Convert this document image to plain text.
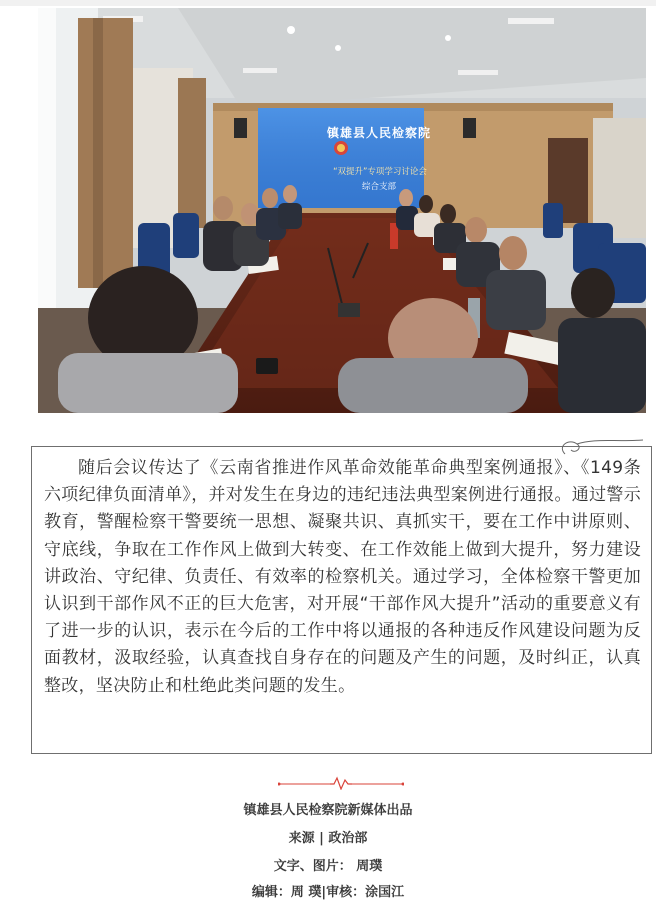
镇雄县人民检察院
“双提升”专项学习讨论会
综合支部

随后会议传达了《云南省推进作风革命效能革命典型案例通报》、《149条六项纪律负面清单》，并对发生在身边的违纪违法典型案例进行通报。通过警示教育，警醒检察干警要统一思想、凝聚共识、真抓实干，要在工作中讲原则、守底线，争取在工作作风上做到大转变、在工作效能上做到大提升，努力建设讲政治、守纪律、负责任、有效率的检察机关。通过学习，全体检察干警更加认识到干部作风不正的巨大危害，对开展“干部作风大提升”活动的重要意义有了进一步的认识，表示在今后的工作中将以通报的各种违反作风建设问题为反面教材，汲取经验，认真查找自身存在的问题及产生的问题，及时纠正，认真整改，坚决防止和杜绝此类问题的发生。

镇雄县人民检察院新媒体出品
来源 | 政治部
文字、图片： 周璞
编辑：周 璞|审核：涂国江
